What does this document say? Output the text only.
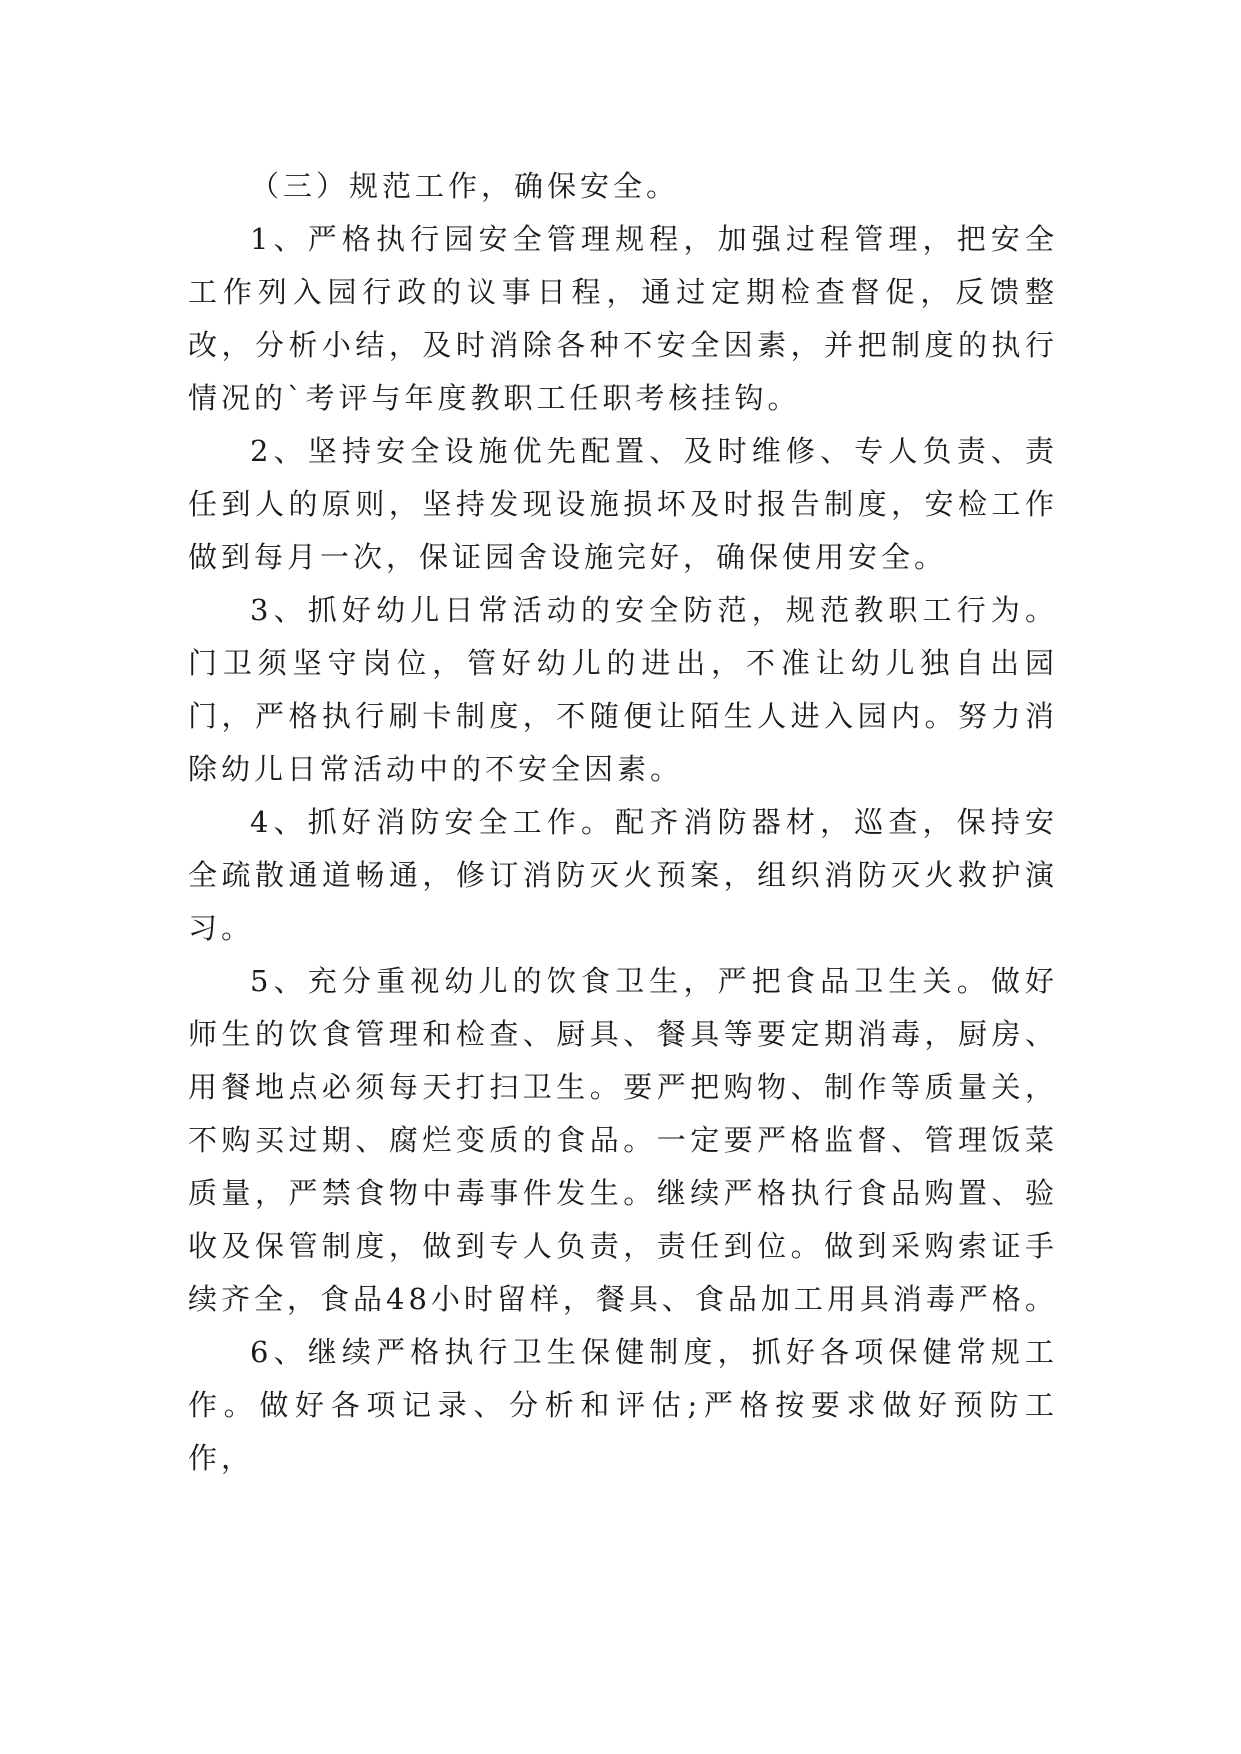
（三）规范工作，确保安全。

1、严格执行园安全管理规程，加强过程管理，把安全工作列入园行政的议事日程，通过定期检查督促，反馈整改，分析小结，及时消除各种不安全因素，并把制度的执行情况的`考评与年度教职工任职考核挂钩。

2、坚持安全设施优先配置、及时维修、专人负责、责任到人的原则，坚持发现设施损坏及时报告制度，安检工作做到每月一次，保证园舍设施完好，确保使用安全。

3、抓好幼儿日常活动的安全防范，规范教职工行为。门卫须坚守岗位，管好幼儿的进出，不准让幼儿独自出园门，严格执行刷卡制度，不随便让陌生人进入园内。努力消除幼儿日常活动中的不安全因素。

4、抓好消防安全工作。配齐消防器材，巡查，保持安全疏散通道畅通，修订消防灭火预案，组织消防灭火救护演习。

5、充分重视幼儿的饮食卫生，严把食品卫生关。做好师生的饮食管理和检查、厨具、餐具等要定期消毒，厨房、用餐地点必须每天打扫卫生。要严把购物、制作等质量关，不购买过期、腐烂变质的食品。一定要严格监督、管理饭菜质量，严禁食物中毒事件发生。继续严格执行食品购置、验收及保管制度，做到专人负责，责任到位。做到采购索证手续齐全，食品48小时留样，餐具、食品加工用具消毒严格。

6、继续严格执行卫生保健制度，抓好各项保健常规工作。做好各项记录、分析和评估;严格按要求做好预防工作，
